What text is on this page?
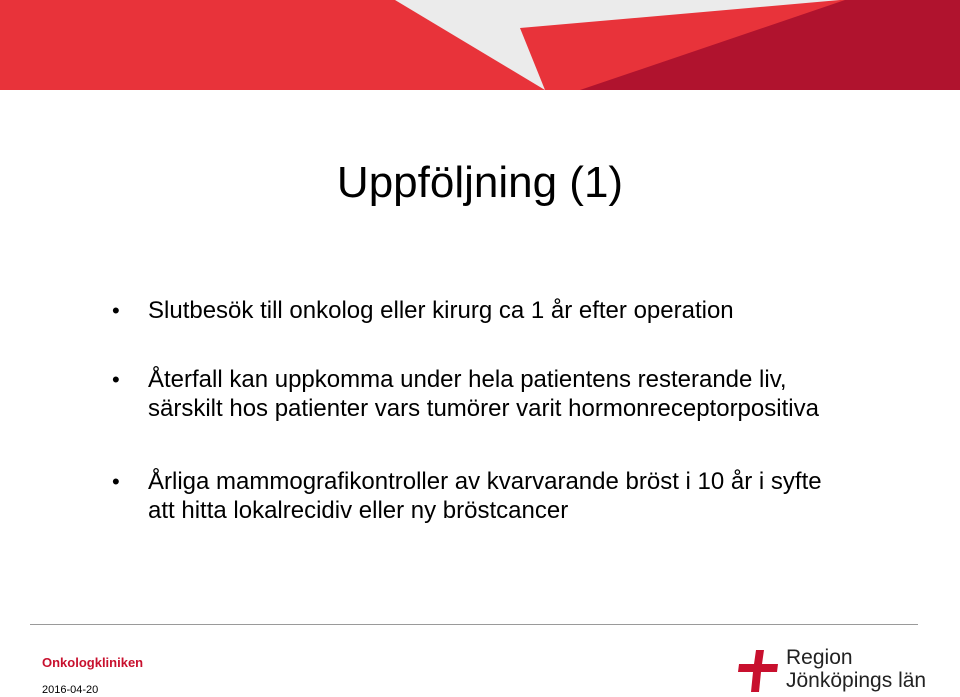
Uppföljning (1)
• Slutbesök till onkolog eller kirurg ca 1 år efter operation
• Återfall kan uppkomma under hela patientens resterande liv, särskilt hos patienter vars tumörer varit hormonreceptorpositiva
• Årliga mammografikontroller av kvarvarande bröst i 10 år i syfte att hitta lokalrecidiv eller ny bröstcancer
Onkologkliniken
2016-04-20
Region
Jönköpings län
